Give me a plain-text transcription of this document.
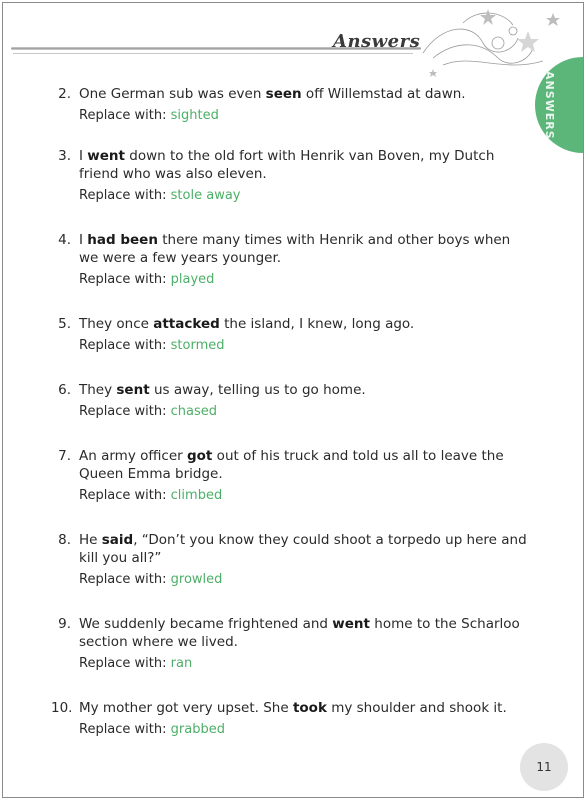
Answers
ANSWERS
2. One German sub was even seen off Willemstad at dawn.
Replace with: sighted
3. I went down to the old fort with Henrik van Boven, my Dutch friend who was also eleven.
Replace with: stole away
4. I had been there many times with Henrik and other boys when we were a few years younger.
Replace with: played
5. They once attacked the island, I knew, long ago.
Replace with: stormed
6. They sent us away, telling us to go home.
Replace with: chased
7. An army officer got out of his truck and told us all to leave the Queen Emma bridge.
Replace with: climbed
8. He said, “Don’t you know they could shoot a torpedo up here and kill you all?”
Replace with: growled
9. We suddenly became frightened and went home to the Scharloo section where we lived.
Replace with: ran
10. My mother got very upset. She took my shoulder and shook it.
Replace with: grabbed
11
